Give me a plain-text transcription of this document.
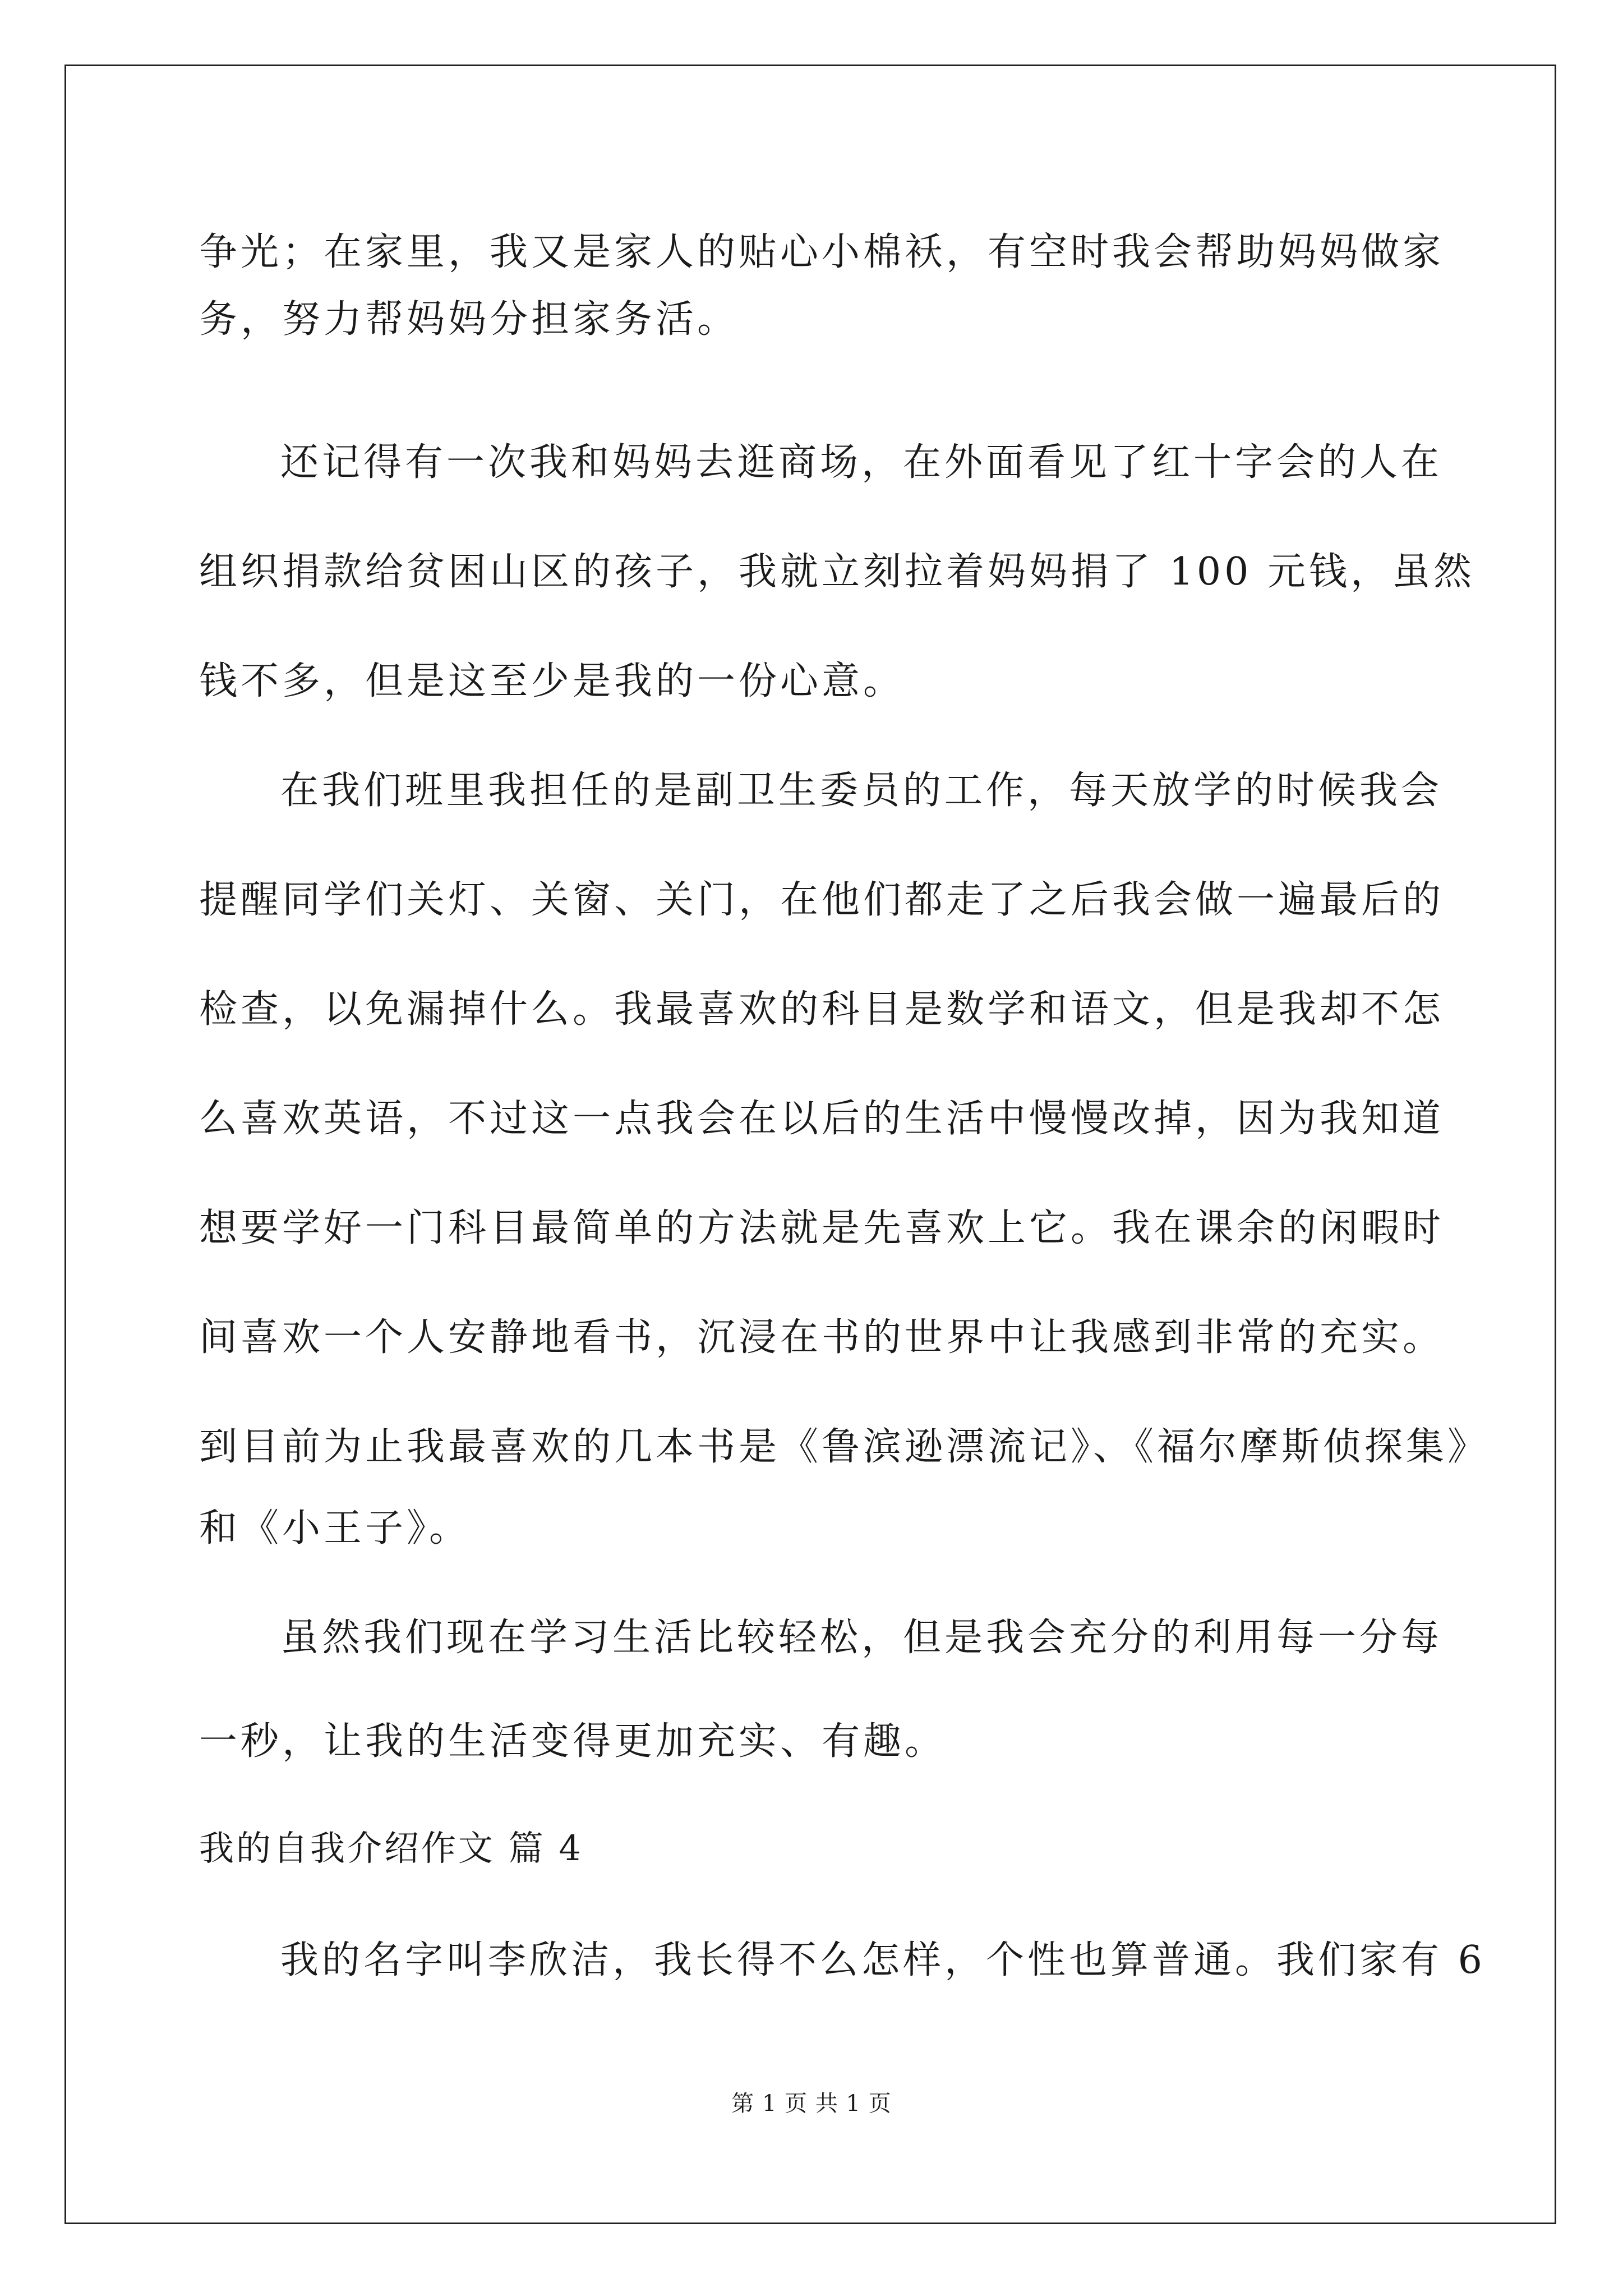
争光；在家里，我又是家人的贴心小棉袄，有空时我会帮助妈妈做家
务，努力帮妈妈分担家务活。
还记得有一次我和妈妈去逛商场，在外面看见了红十字会的人在
组织捐款给贫困山区的孩子，我就立刻拉着妈妈捐了 100 元钱，虽然
钱不多，但是这至少是我的一份心意。
在我们班里我担任的是副卫生委员的工作，每天放学的时候我会
提醒同学们关灯、关窗、关门，在他们都走了之后我会做一遍最后的
检查，以免漏掉什么。我最喜欢的科目是数学和语文，但是我却不怎
么喜欢英语，不过这一点我会在以后的生活中慢慢改掉，因为我知道
想要学好一门科目最简单的方法就是先喜欢上它。我在课余的闲暇时
间喜欢一个人安静地看书，沉浸在书的世界中让我感到非常的充实。
到目前为止我最喜欢的几本书是《鲁滨逊漂流记》、《福尔摩斯侦探集》
和《小王子》。
虽然我们现在学习生活比较轻松，但是我会充分的利用每一分每
一秒，让我的生活变得更加充实、有趣。
我的自我介绍作文 篇 4
我的名字叫李欣洁，我长得不么怎样，个性也算普通。我们家有 6
第 1 页 共 1 页
